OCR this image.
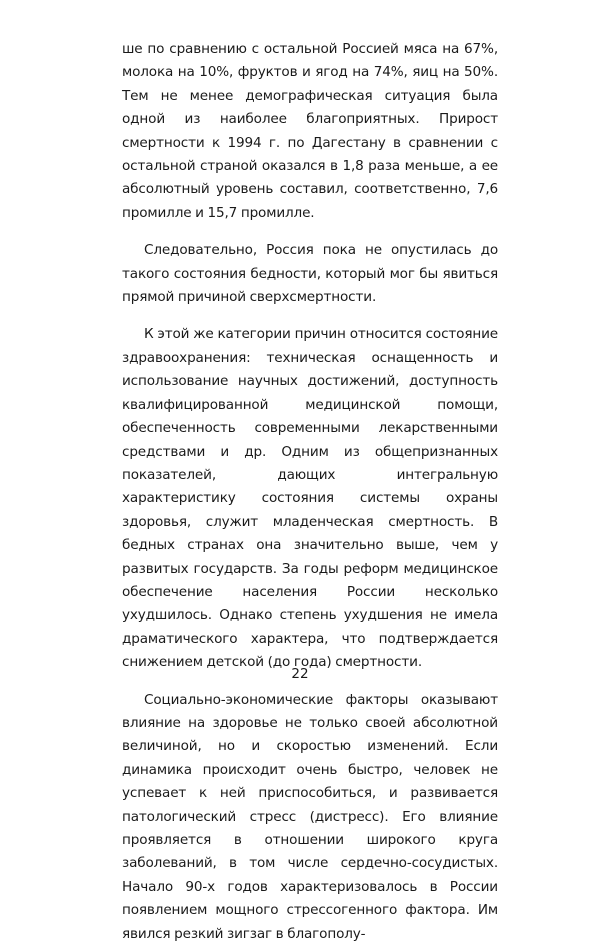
ше по сравнению с остальной Россией мяса на 67%, молока на 10%, фруктов и ягод на 74%, яиц на 50%. Тем не менее демографическая ситуация была одной из наиболее благоприятных. Прирост смертности к 1994 г. по Дагестану в сравнении с остальной страной оказался в 1,8 раза меньше, а ее абсолютный уровень составил, соответственно, 7,6 промилле и 15,7 промилле.

Следовательно, Россия пока не опустилась до такого состояния бедности, который мог бы явиться прямой причиной сверхсмертности.

К этой же категории причин относится состояние здравоохранения: техническая оснащенность и использование научных достижений, доступность квалифицированной медицинской помощи, обеспеченность современными лекарственными средствами и др. Одним из общепризнанных показателей, дающих интегральную характеристику состояния системы охраны здоровья, служит младенческая смертность. В бедных странах она значительно выше, чем у развитых государств. За годы реформ медицинское обеспечение населения России несколько ухудшилось. Однако степень ухудшения не имела драматического характера, что подтверждается снижением детской (до года) смертности.

Социально-экономические факторы оказывают влияние на здоровье не только своей абсолютной величиной, но и скоростью изменений. Если динамика происходит очень быстро, человек не успевает к ней приспособиться, и развивается патологический стресс (дистресс). Его влияние проявляется в отношении широкого круга заболеваний, в том числе сердечно-сосудистых. Начало 90-х годов характеризовалось в России появлением мощного стрессогенного фактора. Им явился резкий зигзаг в благополу-

22
